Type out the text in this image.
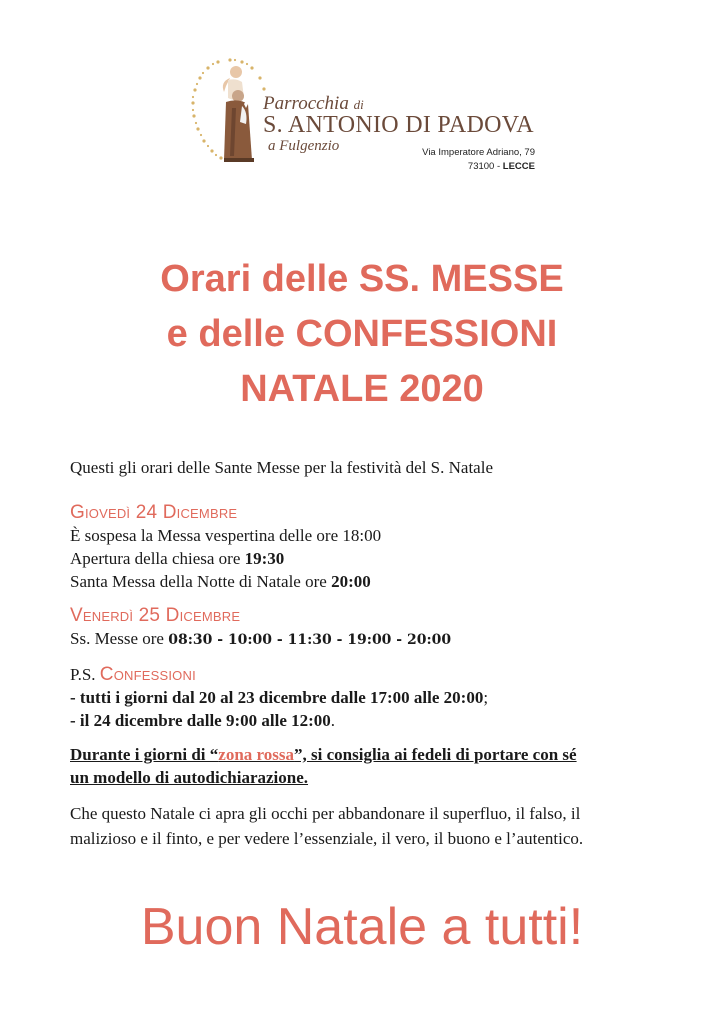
Parrocchia di
S. ANTONIO DI PADOVA
a Fulgenzio	Via Imperatore Adriano, 79
73100 - LECCE
Orari delle SS. MESSE
e delle CONFESSIONI
NATALE 2020
Questi gli orari delle Sante Messe per la festività del S. Natale
Giovedì 24 Dicembre
È sospesa la Messa vespertina delle ore 18:00
Apertura della chiesa ore 19:30
Santa Messa della Notte di Natale ore 20:00
Venerdì 25 Dicembre
Ss. Messe ore 08:30 - 10:00 - 11:30 - 19:00 - 20:00
P.S. Confessioni
- tutti i giorni dal 20 al 23 dicembre dalle 17:00 alle 20:00;
- il 24 dicembre dalle 9:00 alle 12:00.
Durante i giorni di “zona rossa”, si consiglia ai fedeli di portare con sé
un modello di autodichiarazione.
Che questo Natale ci apra gli occhi per abbandonare il superfluo, il falso, il
malizioso e il finto, e per vedere l’essenziale, il vero, il buono e l’autentico.
Buon Natale a tutti!
